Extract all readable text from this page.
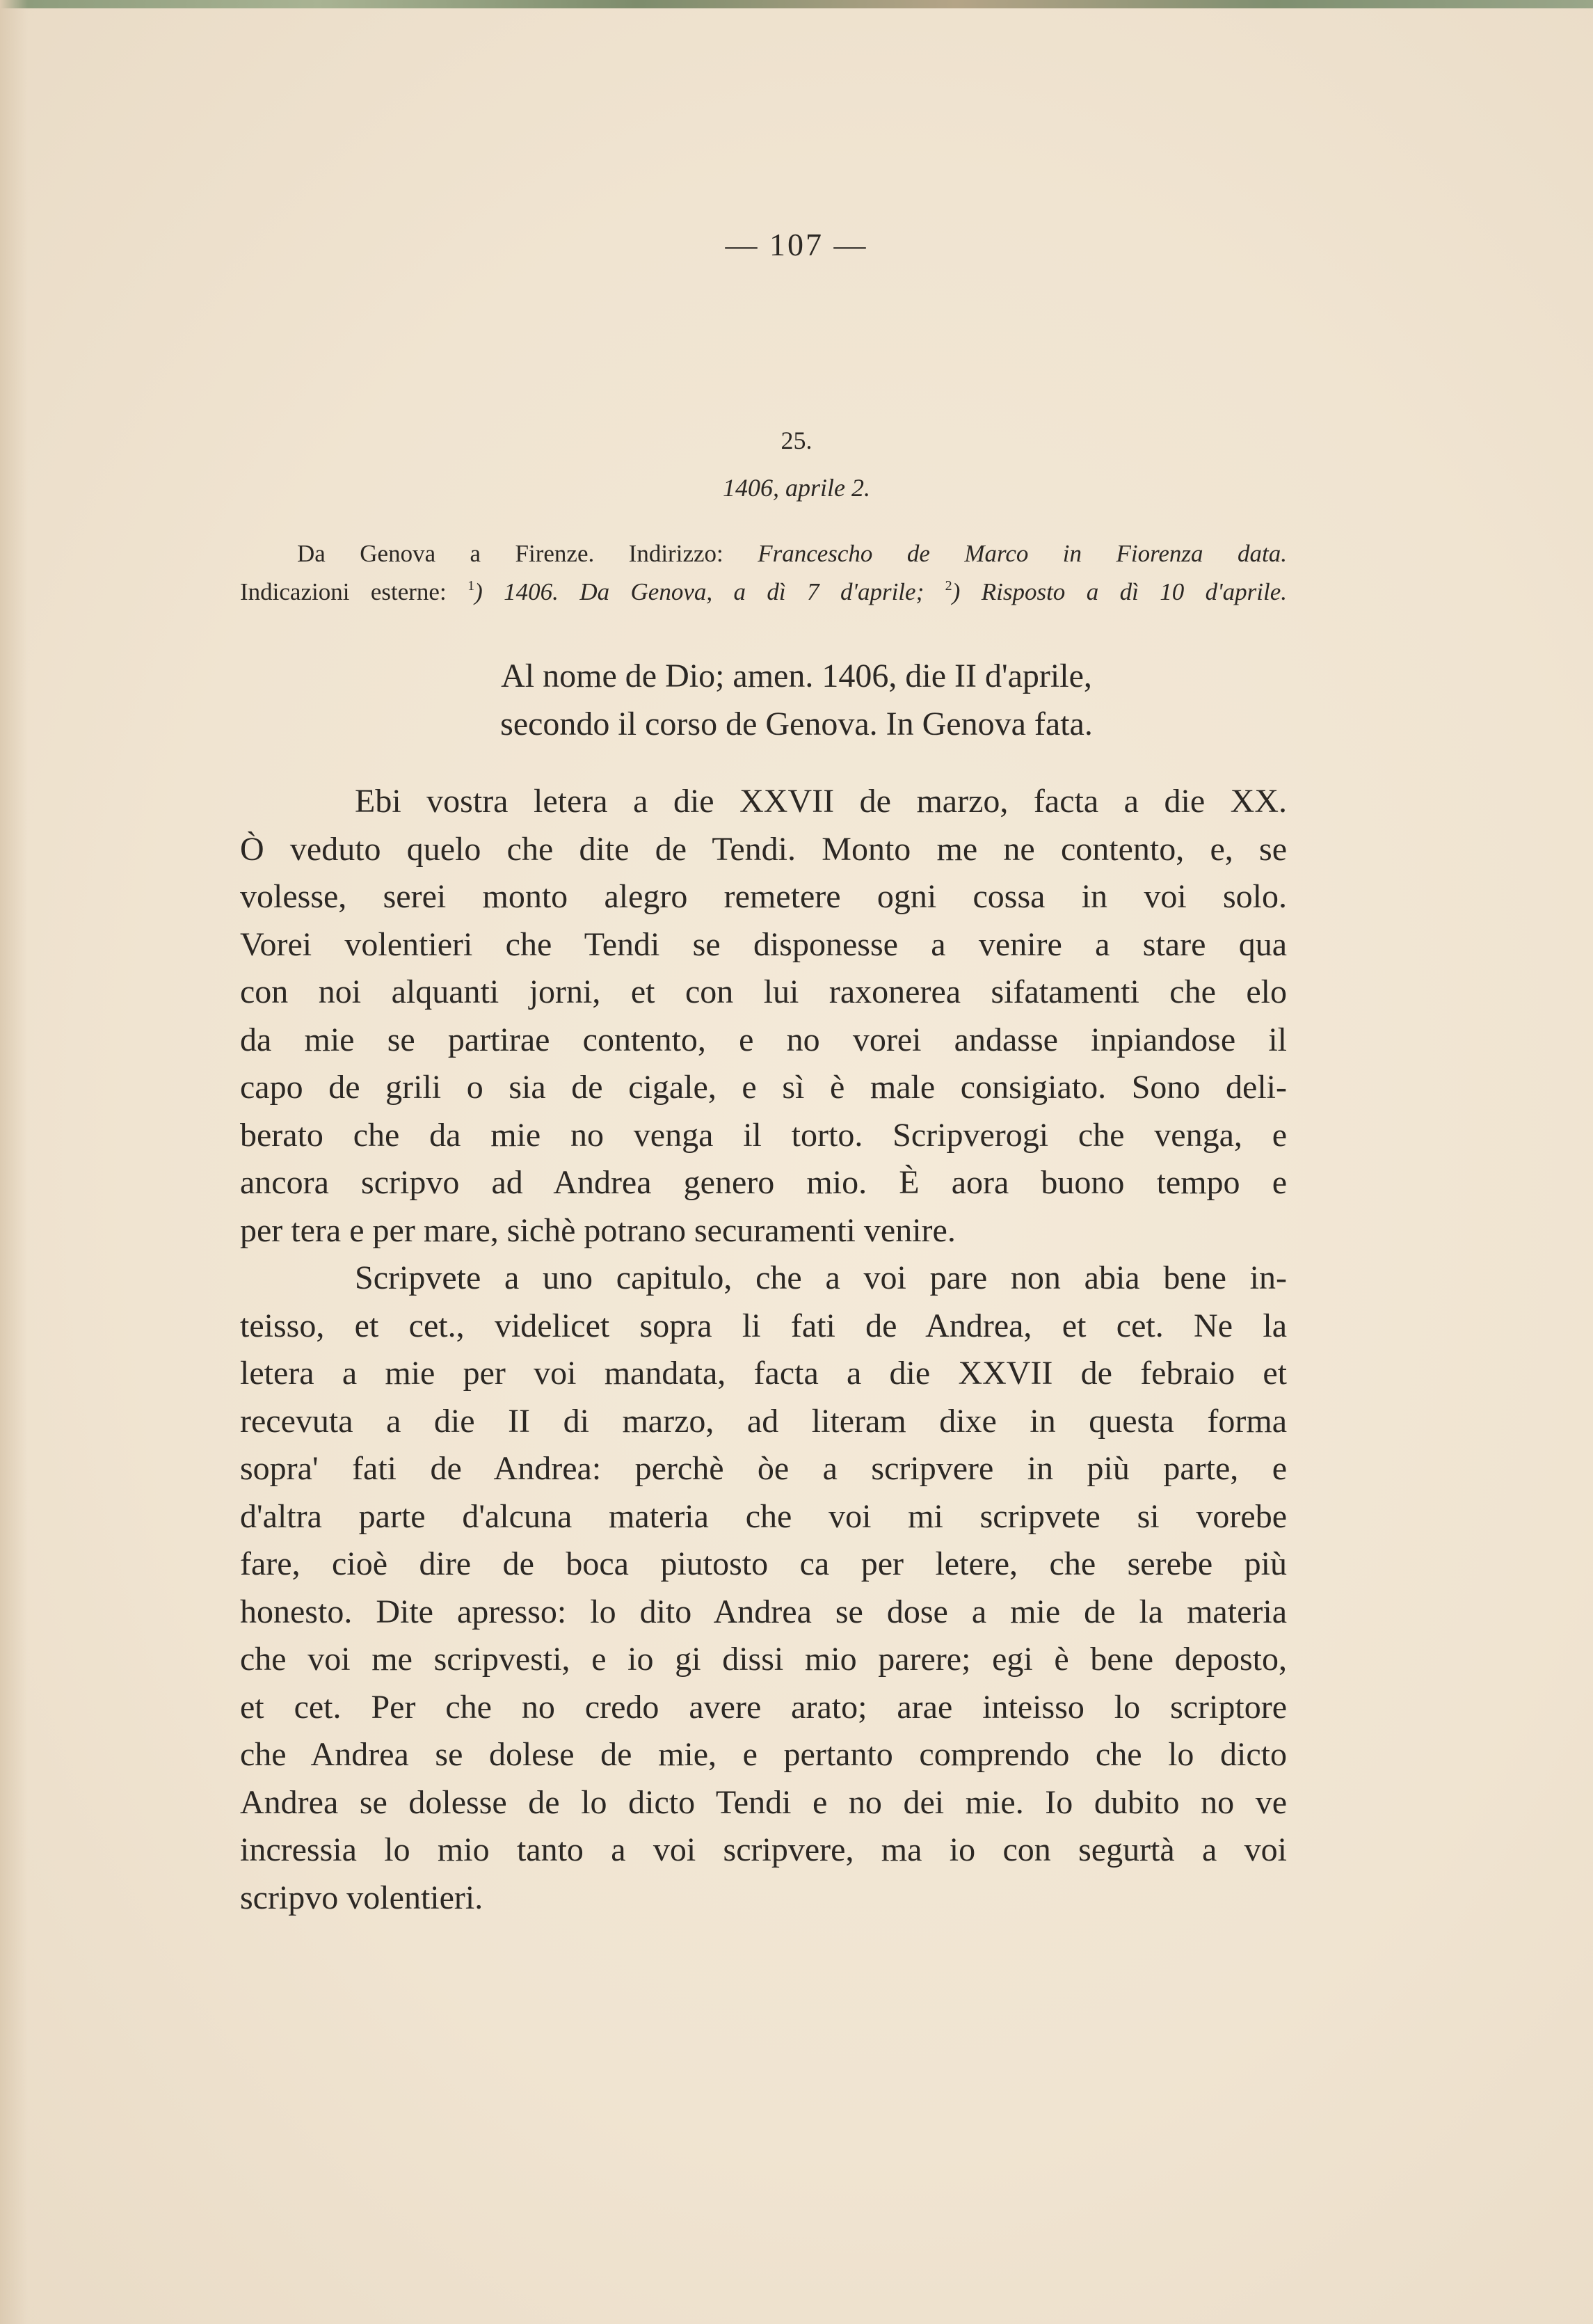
— 107 —
25.
1406, aprile 2.
Da Genova a Firenze. Indirizzo: Francescho de Marco in Fiorenza data.
Indicazioni esterne: $^1$) 1406. Da Genova, a dì 7 d'aprile; $^2$) Risposto a dì 10 d'aprile.
Al nome de Dio; amen. 1406, die II d'aprile,
secondo il corso de Genova. In Genova fata.
Ebi vostra letera a die XXVII de marzo, facta a die XX.
Ò veduto quelo che dite de Tendi. Monto me ne contento, e, se
volesse, serei monto alegro remetere ogni cossa in voi solo.
Vorei volentieri che Tendi se disponesse a venire a stare qua
con noi alquanti jorni, et con lui raxonerea sifatamenti che elo
da mie se partirae contento, e no vorei andasse inpiandose il
capo de grili o sia de cigale, e sì è male consigiato. Sono deli-
berato che da mie no venga il torto. Scripverogi che venga, e
ancora scripvo ad Andrea genero mio. È aora buono tempo e
per tera e per mare, sichè potrano securamenti venire.
Scripvete a uno capitulo, che a voi pare non abia bene in-
teisso, et cet., videlicet sopra li fati de Andrea, et cet. Ne la
letera a mie per voi mandata, facta a die XXVII de febraio et
recevuta a die II di marzo, ad literam dixe in questa forma
sopra' fati de Andrea: perchè òe a scripvere in più parte, e
d'altra parte d'alcuna materia che voi mi scripvete si vorebe
fare, cioè dire de boca piutosto ca per letere, che serebe più
honesto. Dite apresso: lo dito Andrea se dose a mie de la materia
che voi me scripvesti, e io gi dissi mio parere; egi è bene deposto,
et cet. Per che no credo avere arato; arae inteisso lo scriptore
che Andrea se dolese de mie, e pertanto comprendo che lo dicto
Andrea se dolesse de lo dicto Tendi e no dei mie. Io dubito no ve
incressia lo mio tanto a voi scripvere, ma io con segurtà a voi
scripvo volentieri.
